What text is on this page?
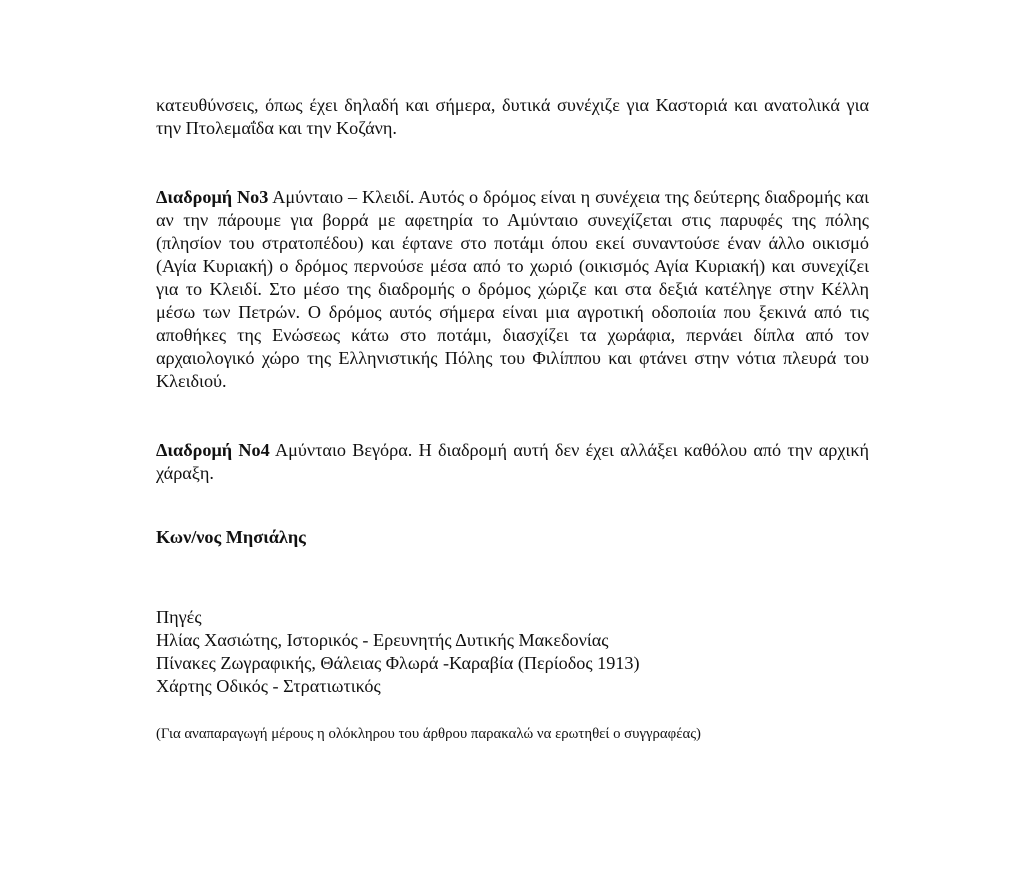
κατευθύνσεις, όπως έχει δηλαδή και σήμερα, δυτικά συνέχιζε για Καστοριά και ανατολικά για την Πτολεμαΐδα και την Κοζάνη.

Διαδρομή Νο3 Αμύνταιο – Κλειδί. Αυτός ο δρόμος είναι η συνέχεια της δεύτερης διαδρομής και αν την πάρουμε για βορρά με αφετηρία το Αμύνταιο συνεχίζεται στις παρυφές της πόλης (πλησίον του στρατοπέδου) και έφτανε στο ποτάμι όπου εκεί συναντούσε έναν άλλο οικισμό (Αγία Κυριακή) ο δρόμος περνούσε μέσα από το χωριό (οικισμός Αγία Κυριακή) και συνεχίζει για το Κλειδί. Στο μέσο της διαδρομής ο δρόμος χώριζε και στα δεξιά κατέληγε στην Κέλλη μέσω των Πετρών. Ο δρόμος αυτός σήμερα είναι μια αγροτική οδοποιία που ξεκινά από τις αποθήκες της Ενώσεως κάτω στο ποτάμι, διασχίζει τα χωράφια, περνάει δίπλα από τον αρχαιολογικό χώρο της Ελληνιστικής Πόλης του Φιλίππου και φτάνει στην νότια πλευρά του Κλειδιού.

Διαδρομή Νο4 Αμύνταιο Βεγόρα. Η διαδρομή αυτή δεν έχει αλλάξει καθόλου από την αρχική χάραξη.

Κων/νος Μησιάλης

Πηγές
Ηλίας Χασιώτης, Ιστορικός - Ερευνητής Δυτικής Μακεδονίας
Πίνακες Ζωγραφικής, Θάλειας Φλωρά -Καραβία (Περίοδος 1913)
Χάρτης Οδικός - Στρατιωτικός
(Για αναπαραγωγή μέρους η ολόκληρου του άρθρου παρακαλώ να ερωτηθεί ο συγγραφέας)
